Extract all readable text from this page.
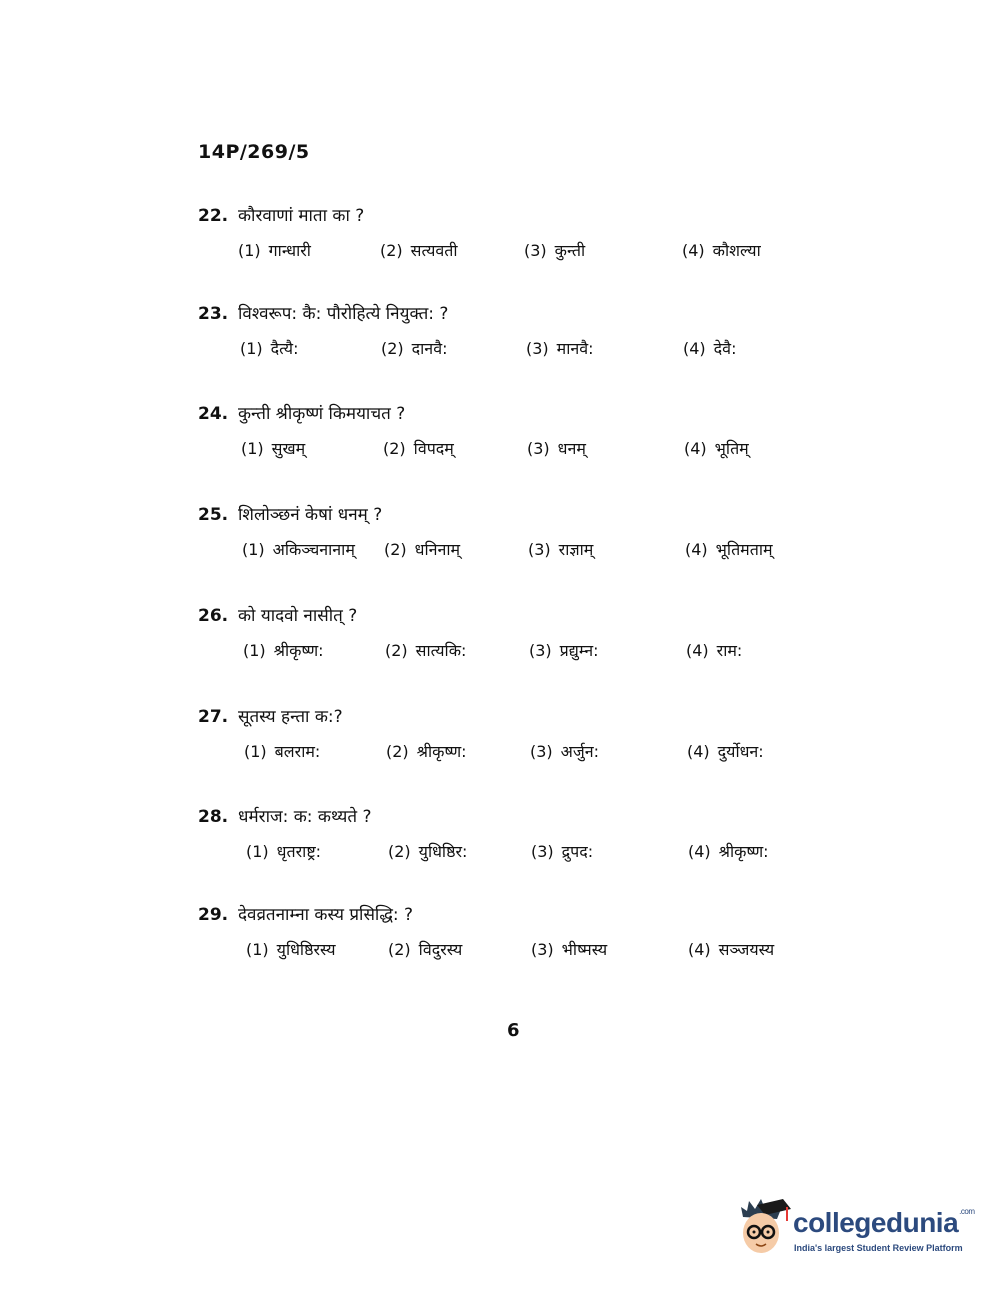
14P/269/5
22. कौरवाणां माता का ?
(1) गान्धारी	(2) सत्यवती	(3) कुन्ती	(4) कौशल्या
23. विश्वरूप: कै: पौरोहित्ये नियुक्त: ?
(1) दैत्यै:	(2) दानवै:	(3) मानवै:	(4) देवै:
24. कुन्ती श्रीकृष्णं किमयाचत ?
(1) सुखम्	(2) विपदम्	(3) धनम्	(4) भूतिम्
25. शिलोञ्छनं केषां धनम् ?
(1) अकिञ्चनानाम् (2) धनिनाम्	(3) राज्ञाम्	(4) भूतिमताम्
26. को यादवो नासीत् ?
(1) श्रीकृष्ण:	(2) सात्यकि:	(3) प्रद्युम्न:	(4) राम:
27. सूतस्य हन्ता क:?
(1) बलराम:	(2) श्रीकृष्ण:	(3) अर्जुन:	(4) दुर्योधन:
28. धर्मराज: क: कथ्यते ?
(1) धृतराष्ट्र:	(2) युधिष्ठिर:	(3) द्रुपद:	(4) श्रीकृष्ण:
29. देवव्रतनाम्ना कस्य प्रसिद्धि: ?
(1) युधिष्ठिरस्य	(2) विदुरस्य	(3) भीष्मस्य	(4) सञ्जयस्य
6
collegedunia$^{.com}$
India's largest Student Review Platform
